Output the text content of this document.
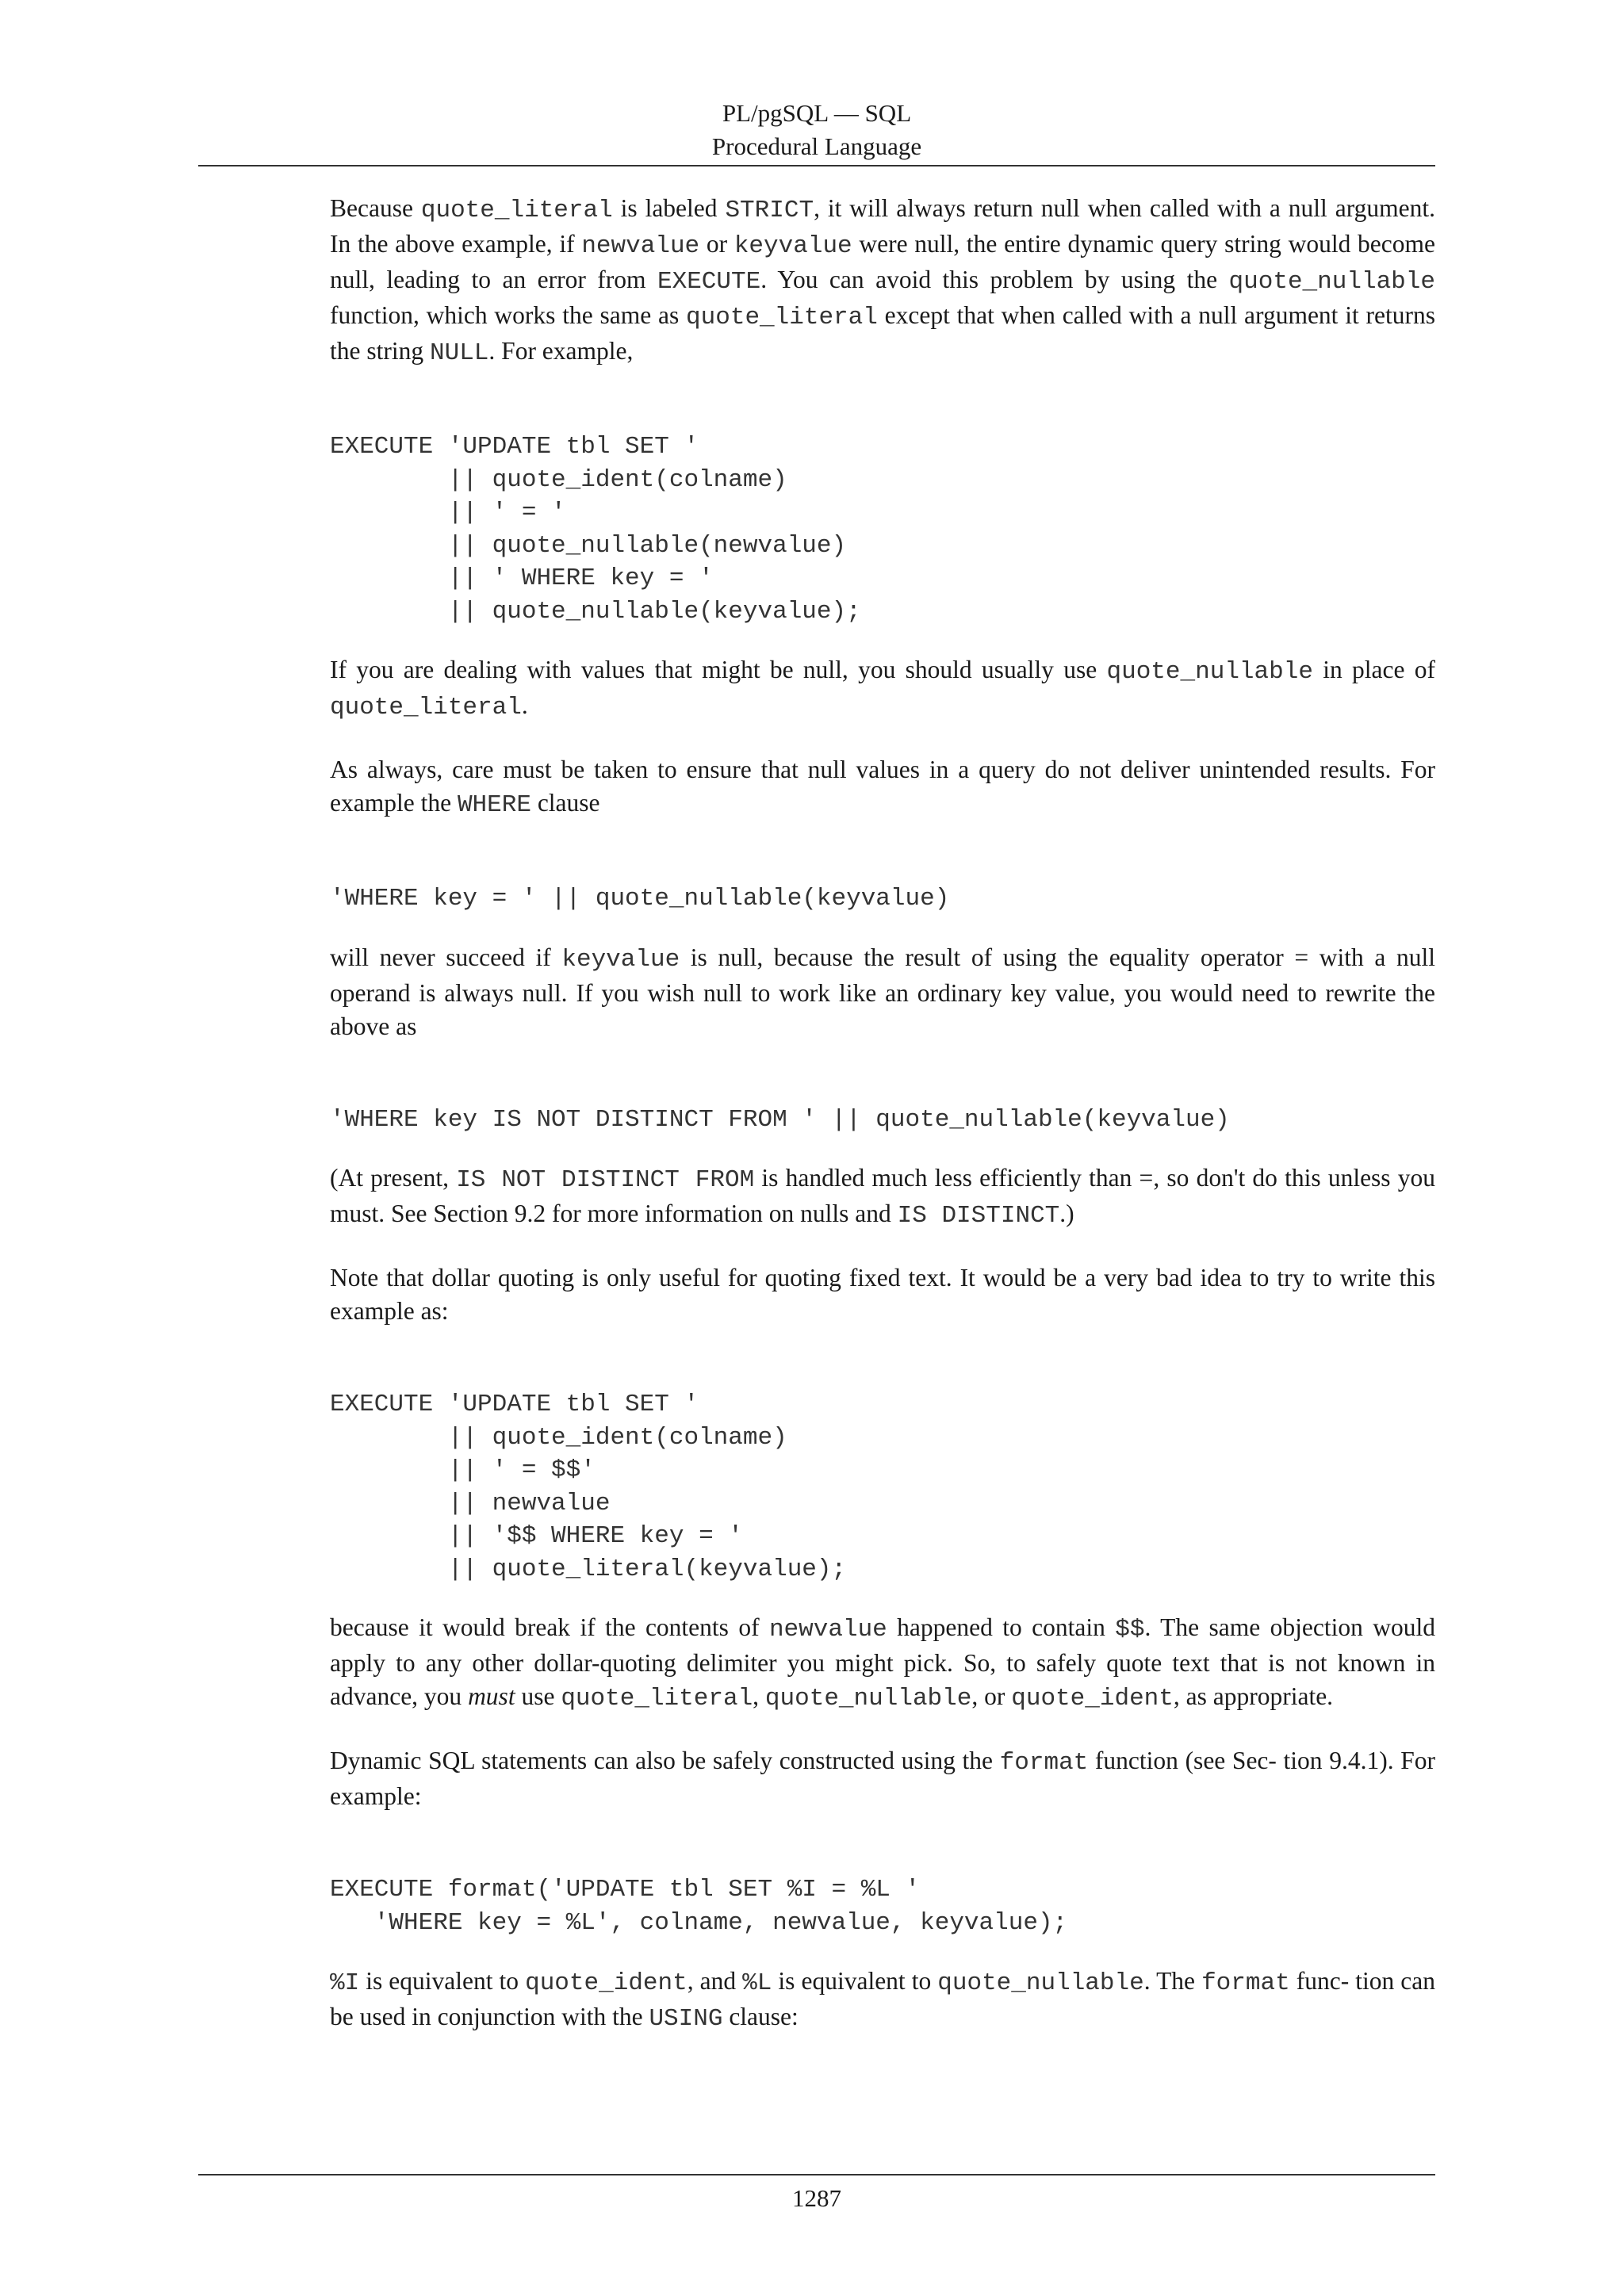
PL/pgSQL — SQL
Procedural Language

Because quote_literal is labeled STRICT, it will always return null when called with a null argument. In the above example, if newvalue or keyvalue were null, the entire dynamic query string would become null, leading to an error from EXECUTE. You can avoid this problem by using the quote_nullable function, which works the same as quote_literal except that when called with a null argument it returns the string NULL. For example,

EXECUTE 'UPDATE tbl SET '
|| quote_ident(colname)
|| ' = '
|| quote_nullable(newvalue)
|| ' WHERE key = '
|| quote_nullable(keyvalue);

If you are dealing with values that might be null, you should usually use quote_nullable in place of quote_literal.

As always, care must be taken to ensure that null values in a query do not deliver unintended results. For example the WHERE clause

'WHERE key = ' || quote_nullable(keyvalue)

will never succeed if keyvalue is null, because the result of using the equality operator = with a null operand is always null. If you wish null to work like an ordinary key value, you would need to rewrite the above as

'WHERE key IS NOT DISTINCT FROM ' || quote_nullable(keyvalue)

(At present, IS NOT DISTINCT FROM is handled much less efficiently than =, so don't do this unless you must. See Section 9.2 for more information on nulls and IS DISTINCT.)

Note that dollar quoting is only useful for quoting fixed text. It would be a very bad idea to try to write this example as:

EXECUTE 'UPDATE tbl SET '
|| quote_ident(colname)
|| ' = $$'
|| newvalue
|| '$$ WHERE key = '
|| quote_literal(keyvalue);

because it would break if the contents of newvalue happened to contain $$. The same objection would apply to any other dollar-quoting delimiter you might pick. So, to safely quote text that is not known in advance, you must use quote_literal, quote_nullable, or quote_ident, as appropriate.

Dynamic SQL statements can also be safely constructed using the format function (see Sec- tion 9.4.1). For example:

EXECUTE format('UPDATE tbl SET %I = %L '
'WHERE key = %L', colname, newvalue, keyvalue);

%I is equivalent to quote_ident, and %L is equivalent to quote_nullable. The format func- tion can be used in conjunction with the USING clause:

1287
